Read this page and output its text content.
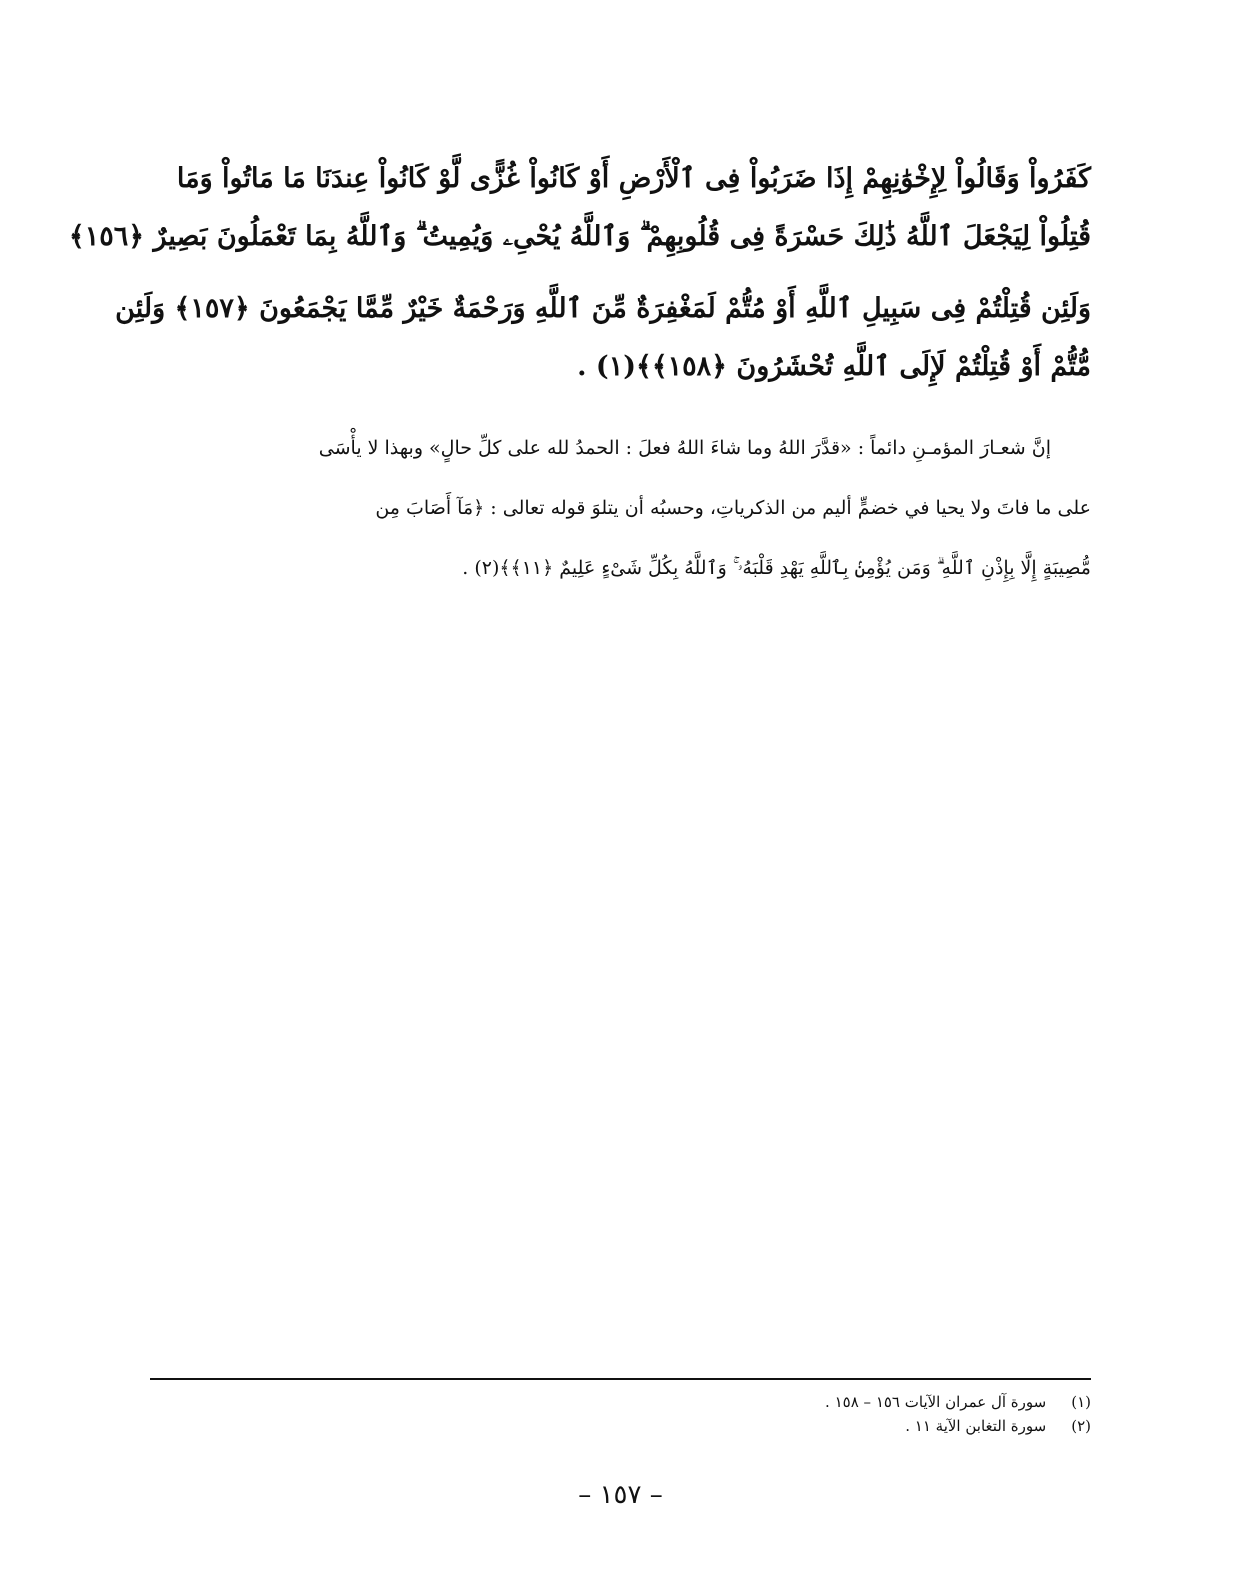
كَفَرُواْ وَقَالُواْ لِإِخْوَٰنِهِمْ إِذَا ضَرَبُواْ فِى ٱلْأَرْضِ أَوْ كَانُواْ غُزًّى لَّوْ كَانُواْ عِندَنَا مَا مَاتُواْ وَمَا
قُتِلُواْ لِيَجْعَلَ ٱللَّهُ ذَٰلِكَ حَسْرَةً فِى قُلُوبِهِمْ ۗ وَٱللَّهُ يُحْىِۦ وَيُمِيتُ ۗ وَٱللَّهُ بِمَا تَعْمَلُونَ بَصِيرٌ ﴿١٥٦﴾
وَلَئِن قُتِلْتُمْ فِى سَبِيلِ ٱللَّهِ أَوْ مُتُّمْ لَمَغْفِرَةٌ مِّنَ ٱللَّهِ وَرَحْمَةٌ خَيْرٌ مِّمَّا يَجْمَعُونَ ﴿١٥٧﴾ وَلَئِن
مُّتُّمْ أَوْ قُتِلْتُمْ لَإِلَى ٱللَّهِ تُحْشَرُونَ ﴿١٥٨﴾﴾(١) .
إنَّ شعـارَ المؤمـنِ دائماً : «قدَّرَ اللهُ وما شاءَ اللهُ فعلَ : الحمدُ لله على كلِّ حالٍ» وبهذا لا يأْسَى
على ما فاتَ ولا يحيا في خضمٍّ أليم من الذكرياتِ، وحسبُه أن يتلوَ قوله تعالى : ﴿مَآ أَصَابَ مِن
مُّصِيبَةٍ إِلَّا بِإِذْنِ ٱللَّهِ ۗ وَمَن يُؤْمِنۢ بِٱللَّهِ يَهْدِ قَلْبَهُۥ ۚ وَٱللَّهُ بِكُلِّ شَىْءٍ عَلِيمٌ ﴿١١﴾﴾(٢) .
(١) سورة آل عمران الآيات ١٥٦ – ١٥٨ .
(٢) سورة التغابن الآية ١١ .
– ١٥٧ –
